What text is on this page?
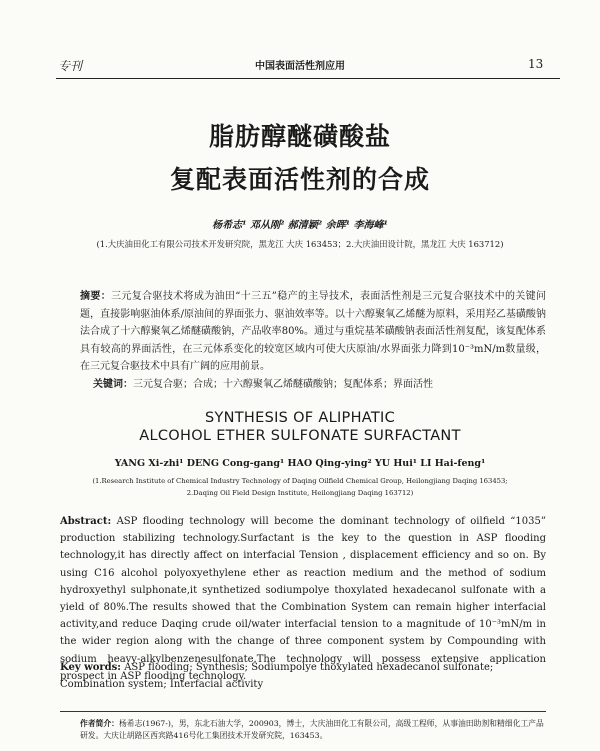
专刊	中国表面活性剂应用	13
脂肪醇醚磺酸盐
复配表面活性剂的合成
杨希志¹ 邓从刚² 郝清颖² 余晖¹ 李海峰¹
(1.大庆油田化工有限公司技术开发研究院，黑龙江 大庆 163453；2.大庆油田设计院，黑龙江 大庆 163712)
摘要：三元复合驱技术将成为油田“十三五”稳产的主导技术，表面活性剂是三元复合驱技术中的关键问题，直接影响驱油体系/原油间的界面张力、驱油效率等。以十六醇聚氧乙烯醚为原料，采用羟乙基磺酸钠法合成了十六醇聚氧乙烯醚磺酸钠，产品收率80%。通过与重烷基苯磺酸钠表面活性剂复配，该复配体系具有较高的界面活性，在三元体系变化的较宽区域内可使大庆原油/水界面张力降到10⁻³mN/m数量级，在三元复合驱技术中具有广阔的应用前景。
关键词：三元复合驱；合成；十六醇聚氧乙烯醚磺酸钠；复配体系；界面活性
SYNTHESIS OF ALIPHATIC
ALCOHOL ETHER SULFONATE SURFACTANT
YANG Xi-zhi¹ DENG Cong-gang¹ HAO Qing-ying² YU Hui¹ LI Hai-feng¹
(1.Research Institute of Chemical Industry Technology of Daqing Oilfield Chemical Group, Heilongjiang Daqing 163453;
2.Daqing Oil Field Design Institute, Heilongjiang Daqing 163712)
Abstract: ASP flooding technology will become the dominant technology of oilfield “1035” production stabilizing technology.Surfactant is the key to the question in ASP flooding technology,it has directly affect on interfacial Tension , displacement efficiency and so on. By using C16 alcohol polyoxyethylene ether as reaction medium and the method of sodium hydroxyethyl sulphonate,it synthetized sodiumpolye thoxylated hexadecanol sulfonate with a yield of 80%.The results showed that the Combination System can remain higher interfacial activity,and reduce Daqing crude oil/water interfacial tension to a magnitude of 10⁻³mN/m in the wider region along with the change of three component system by Compounding with sodium heavy-alkylbenzenesulfonate.The technology will possess extensive application prospect in ASP flooding technology.
Key words: ASP flooding; Synthesis; Sodiumpolye thoxylated hexadecanol sulfonate; Combination system; Interfacial activity
作者简介：杨希志(1967-)，男，东北石油大学，200903，博士，大庆油田化工有限公司，高级工程师，从事油田助剂和精细化工产品研发。大庆让胡路区西宾路416号化工集团技术开发研究院，163453。
